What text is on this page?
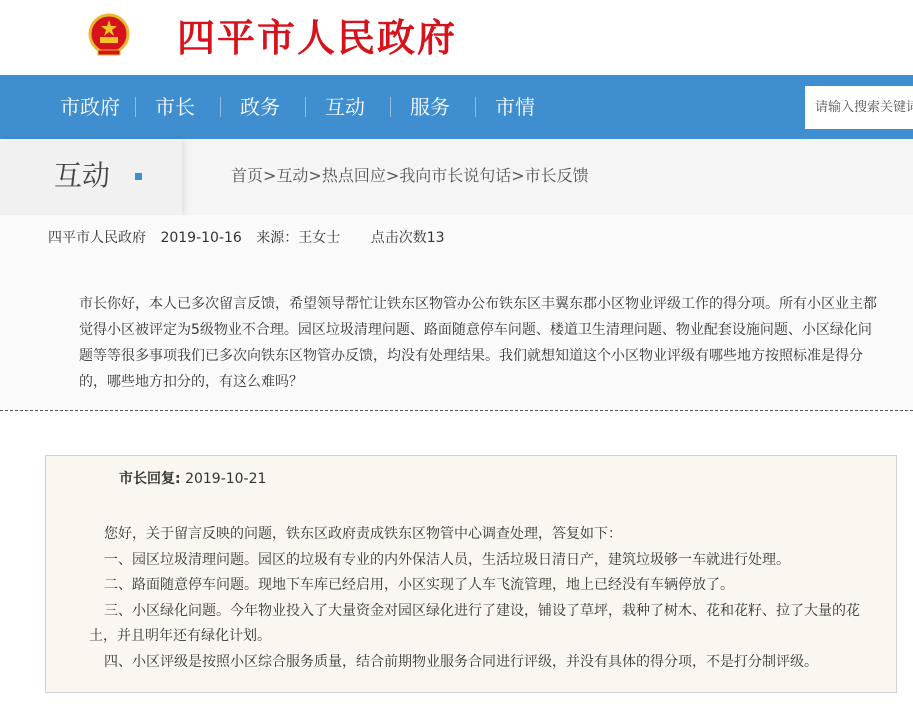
四平市人民政府
市政府 市长 政务 互动 服务 市情
请输入搜索关键词
互动	首页>互动>热点回应>我向市长说句话>市长反馈
四平市人民政府 2019-10-16 来源：王女士 点击次数13
市长你好，本人已多次留言反馈，希望领导帮忙让铁东区物管办公布铁东区丰翼东郡小区物业评级工作的得分项。所有小区业主都觉得小区被评定为5级物业不合理。园区垃圾清理问题、路面随意停车问题、楼道卫生清理问题、物业配套设施问题、小区绿化问题等等很多事项我们已多次向铁东区物管办反馈，均没有处理结果。我们就想知道这个小区物业评级有哪些地方按照标准是得分的，哪些地方扣分的，有这么难吗？
市长回复: 2019-10-21

您好，关于留言反映的问题，铁东区政府责成铁东区物管中心调查处理，答复如下：

一、园区垃圾清理问题。园区的垃圾有专业的内外保洁人员，生活垃圾日清日产，建筑垃圾够一车就进行处理。

二、路面随意停车问题。现地下车库已经启用，小区实现了人车飞流管理，地上已经没有车辆停放了。

三、小区绿化问题。今年物业投入了大量资金对园区绿化进行了建设，铺设了草坪，栽种了树木、花和花籽、拉了大量的花土，并且明年还有绿化计划。

四、小区评级是按照小区综合服务质量，结合前期物业服务合同进行评级，并没有具体的得分项，不是打分制评级。
